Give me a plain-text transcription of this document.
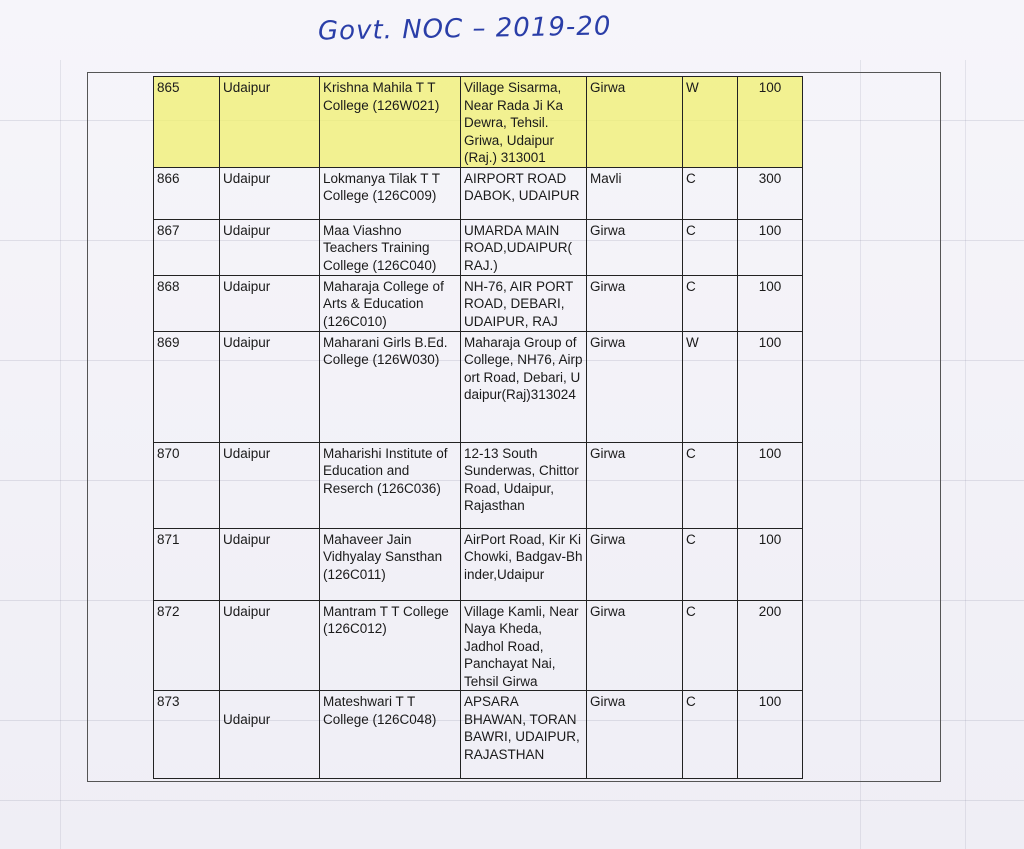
Govt. NOC – 2019-20
865	Udaipur	Krishna Mahila T T College (126W021)	Village Sisarma, Near Rada Ji Ka Dewra, Tehsil. Griwa, Udaipur (Raj.) 313001	Girwa	W	100
866	Udaipur	Lokmanya Tilak T T College (126C009)	AIRPORT ROAD DABOK, UDAIPUR	Mavli	C	300
867	Udaipur	Maa Viashno Teachers Training College (126C040)	UMARDA MAIN ROAD,UDAIPUR( RAJ.)	Girwa	C	100
868	Udaipur	Maharaja College of Arts & Education (126C010)	NH-76, AIR PORT ROAD, DEBARI, UDAIPUR, RAJ	Girwa	C	100
869	Udaipur	Maharani Girls B.Ed. College (126W030)	Maharaja Group of College, NH76, Airport Road, Debari, Udaipur(Raj)313024	Girwa	W	100
870	Udaipur	Maharishi Institute of Education and Reserch (126C036)	12-13 South Sunderwas, Chittor Road, Udaipur, Rajasthan	Girwa	C	100
871	Udaipur	Mahaveer Jain Vidhyalay Sansthan (126C011)	AirPort Road, Kir Ki Chowki, Badgav-Bhinder,Udaipur	Girwa	C	100
872	Udaipur	Mantram T T College (126C012)	Village Kamli, Near Naya Kheda, Jadhol Road, Panchayat Nai, Tehsil Girwa	Girwa	C	200
873	Udaipur	Mateshwari T T College (126C048)	APSARA BHAWAN, TORAN BAWRI, UDAIPUR, RAJASTHAN	Girwa	C	100
